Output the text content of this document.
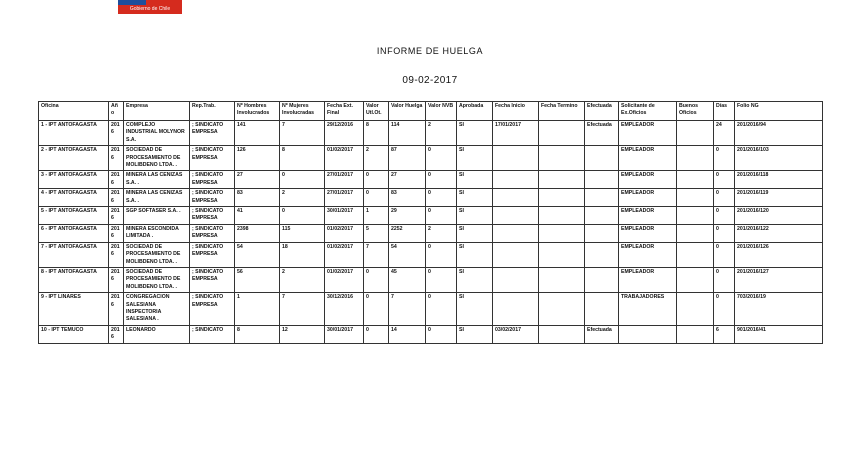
Gobierno de Chile
INFORME DE HUELGA
09-02-2017
Oficina	Año	Empresa	Rep.Trab.	Nº Hombres Involucrados	Nº Mujeres Involucradas	Fecha Ext. Final	Valor Utl.Ot.	Valor Huelga	Valor NVB	Aprobada	Fecha Inicio	Fecha Termino	Efectuada	Solicitante de Ex.Oficios	Buenos Oficios	Días	Folio NG
1 - IPT ANTOFAGASTA	2016	COMPLEJO INDUSTRIAL MOLYNOR S.A.	; SINDICATO EMPRESA	141	7	29/12/2016	8	114	2	SI	17/01/2017		Efectuada	EMPLEADOR		24	201/2016/94
2 - IPT ANTOFAGASTA	2016	SOCIEDAD DE PROCESAMIENTO DE MOLIBDENO LTDA. .	; SINDICATO EMPRESA	126	8	01/02/2017	2	87	0	SI				EMPLEADOR		0	201/2016/103
3 - IPT ANTOFAGASTA	2016	MINERA LAS CENIZAS S.A. .	; SINDICATO EMPRESA	27	0	27/01/2017	0	27	0	SI				EMPLEADOR		0	201/2016/118
4 - IPT ANTOFAGASTA	2016	MINERA LAS CENIZAS S.A. .	; SINDICATO EMPRESA	83	2	27/01/2017	0	83	0	SI				EMPLEADOR		0	201/2016/119
5 - IPT ANTOFAGASTA	2016	SGP SOFTASER S.A. .	; SINDICATO EMPRESA	41	0	30/01/2017	1	29	0	SI				EMPLEADOR		0	201/2016/120
6 - IPT ANTOFAGASTA	2016	MINERA ESCONDIDA LIMITADA .	; SINDICATO EMPRESA	2398	115	01/02/2017	5	2252	2	SI				EMPLEADOR		0	201/2016/122
7 - IPT ANTOFAGASTA	2016	SOCIEDAD DE PROCESAMIENTO DE MOLIBDENO LTDA. .	; SINDICATO EMPRESA	54	18	01/02/2017	7	54	0	SI				EMPLEADOR		0	201/2016/126
8 - IPT ANTOFAGASTA	2016	SOCIEDAD DE PROCESAMIENTO DE MOLIBDENO LTDA. .	; SINDICATO EMPRESA	56	2	01/02/2017	0	45	0	SI				EMPLEADOR		0	201/2016/127
9 - IPT LINARES	2016	CONGREGACION SALESIANA INSPECTORIA SALESIANA .	; SINDICATO EMPRESA	1	7	30/12/2016	0	7	0	SI				TRABAJADORES		0	703/2016/19
10 - IPT TEMUCO	2016	LEONARDO	; SINDICATO	8	12	30/01/2017	0	14	0	SI	03/02/2017		Efectuada			6	901/2016/41
